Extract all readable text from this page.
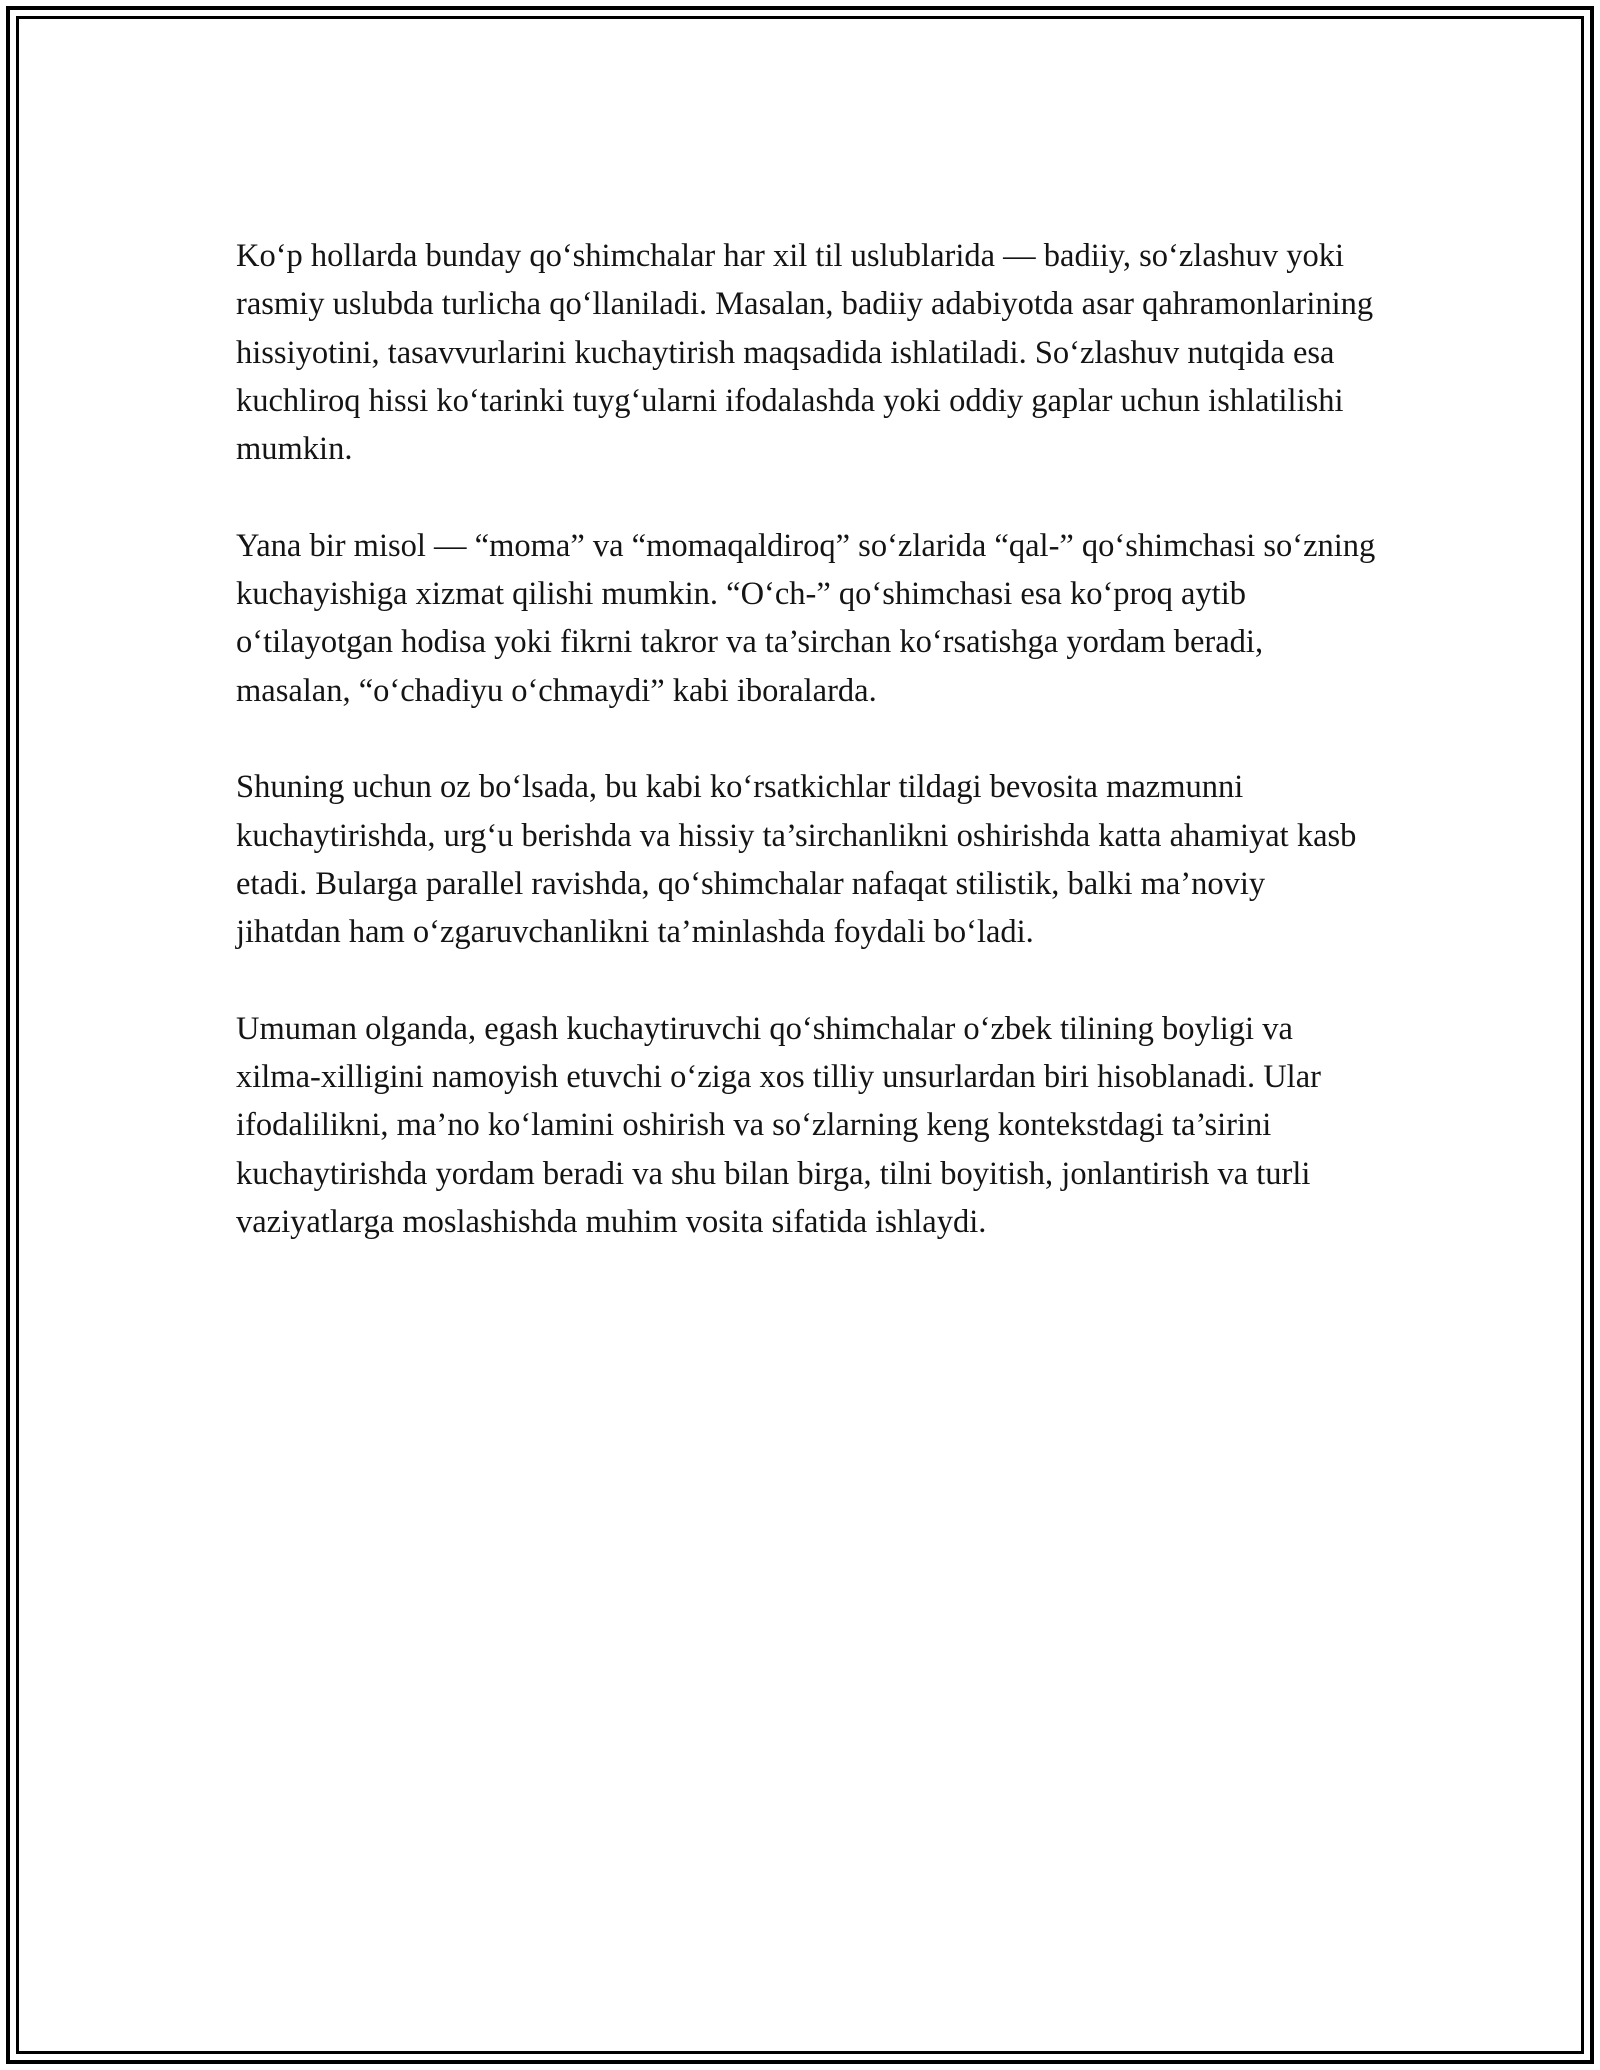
Ko‘p hollarda bunday qo‘shimchalar har xil til uslublarida — badiiy, so‘zlashuv yoki rasmiy uslubda turlicha qo‘llaniladi. Masalan, badiiy adabiyotda asar qahramonlarining hissiyotini, tasavvurlarini kuchaytirish maqsadida ishlatiladi. So‘zlashuv nutqida esa kuchliroq hissi ko‘tarinki tuyg‘ularni ifodalashda yoki oddiy gaplar uchun ishlatilishi mumkin.

Yana bir misol — “moma” va “momaqaldiroq” so‘zlarida “qal-” qo‘shimchasi so‘zning kuchayishiga xizmat qilishi mumkin. “O‘ch-” qo‘shimchasi esa ko‘proq aytib o‘tilayotgan hodisa yoki fikrni takror va ta’sirchan ko‘rsatishga yordam beradi, masalan, “o‘chadiyu o‘chmaydi” kabi iboralarda.

Shuning uchun oz bo‘lsada, bu kabi ko‘rsatkichlar tildagi bevosita mazmunni kuchaytirishda, urg‘u berishda va hissiy ta’sirchanlikni oshirishda katta ahamiyat kasb etadi. Bularga parallel ravishda, qo‘shimchalar nafaqat stilistik, balki ma’noviy jihatdan ham o‘zgaruvchanlikni ta’minlashda foydali bo‘ladi.

Umuman olganda, egash kuchaytiruvchi qo‘shimchalar o‘zbek tilining boyligi va xilma-xilligini namoyish etuvchi o‘ziga xos tilliy unsurlardan biri hisoblanadi. Ular ifodalilikni, ma’no ko‘lamini oshirish va so‘zlarning keng kontekstdagi ta’sirini kuchaytirishda yordam beradi va shu bilan birga, tilni boyitish, jonlantirish va turli vaziyatlarga moslashishda muhim vosita sifatida ishlaydi.
